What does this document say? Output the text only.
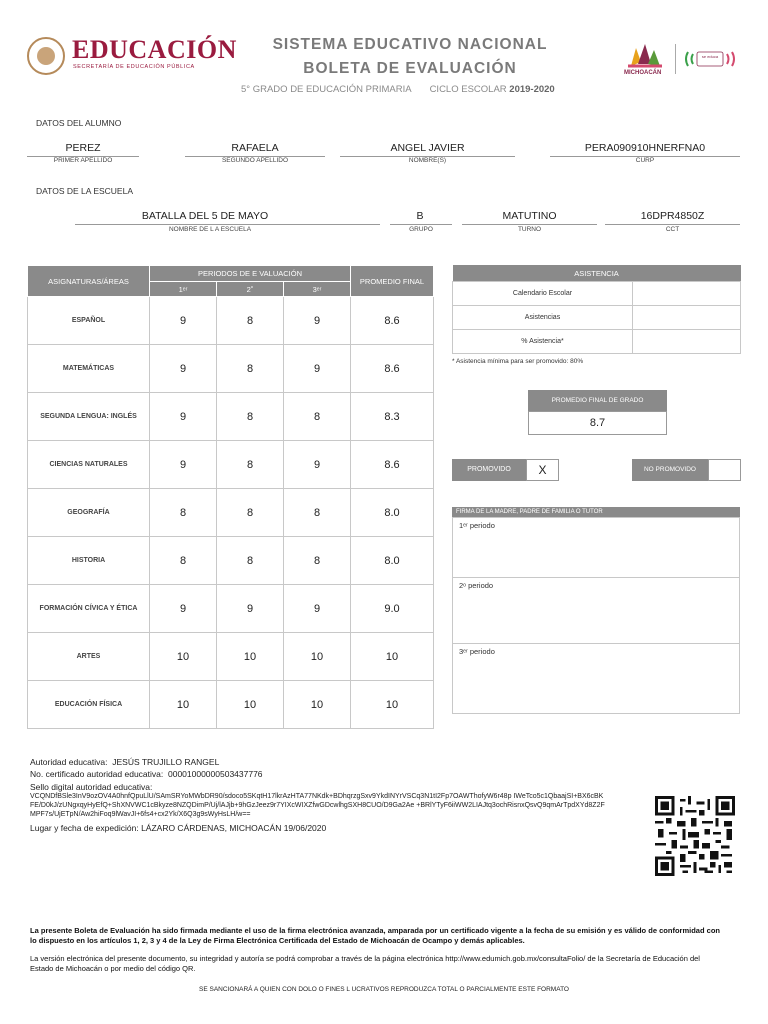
EDUCACIÓN
SECRETARÍA DE EDUCACIÓN PÚBLICA
SISTEMA EDUCATIVO NACIONAL
BOLETA DE EVALUACIÓN
5° GRADO DE EDUCACIÓN PRIMARIA CICLO ESCOLAR 2019-2020
MICHOACÁN
se educa
DATOS DEL ALUMNO
PEREZ
PRIMER APELLIDO
RAFAELA
SEGUNDO APELLIDO
ANGEL JAVIER
NOMBRE(S)
PERA090910HNERFNA0
CURP
DATOS DE LA ESCUELA
BATALLA DEL 5 DE MAYO
NOMBRE DE L A ESCUELA
B
GRUPO
MATUTINO
TURNO
16DPR4850Z
CCT
ASIGNATURAS/ÁREAS	PERIODOS DE E VALUACIÓN			PROMEDIO FINAL
	1ᵉʳ	2˚	3ᵉʳ	
ESPAÑOL	9	8	9	8.6
MATEMÁTICAS	9	8	9	8.6
SEGUNDA LENGUA: INGLÉS	9	8	8	8.3
CIENCIAS NATURALES	9	8	9	8.6
GEOGRAFÍA	8	8	8	8.0
HISTORIA	8	8	8	8.0
FORMACIÓN CÍVICA Y ÉTICA	9	9	9	9.0
ARTES	10	10	10	10
EDUCACIÓN FÍSICA	10	10	10	10
ASISTENCIA	
Calendario Escolar	
Asistencias	
% Asistencia*	
* Asistencia mínima para ser promovido: 80%
PROMEDIO FINAL DE GRADO
8.7
PROMOVIDO	X	NO PROMOVIDO
FIRMA DE LA MADRE, PADRE DE FAMILIA O TUTOR
1ᵉʳ periodo
2ᵒ periodo
3ᵉʳ periodo
Autoridad educativa: JESÚS TRUJILLO RANGEL
No. certificado autoridad educativa: 00001000000503437776
Sello digital autoridad educativa:
VCQNDfBSle3InV9ozOV4A0hnfQpuLlU/SAmSRYoMWbDR90/sdoco5SKqtH17lkrAzHTA77NKdk+BDhqrzgSxv9YkdINYrVSCq3N1tI2Fp7OAWThofyW6r48p IWeTco5c1QbaajSI+BX6cBKFE/D0kJ/zUNgxqyHyEfQ+ShXNVWC1cBkyze8NZQDimP/Uj/lAJjb+9hGzJeez9r7YIXcWIXZfwGDcwlhgSXH8CUO/D9Ga2Ae +BRlYTyF6iiWW2LIAJtq3ochRisnxQsvQ9qmArTpdXYd8Z2FMPF7s/UjETpN/Aw2hiFoq9lWavJI+6fs4+cx2Yk/X6Q3g9sWyHsLH/w==
Lugar y fecha de expedición: LÁZARO CÁRDENAS, MICHOACÁN 19/06/2020
La presente Boleta de Evaluación ha sido firmada mediante el uso de la firma electrónica avanzada, amparada por un certificado vigente a la fecha de su emisión y es válido de conformidad con lo dispuesto en los artículos 1, 2, 3 y 4 de la Ley de Firma Electrónica Certificada del Estado de Michoacán de Ocampo y demás aplicables.
La versión electrónica del presente documento, su integridad y autoría se podrá comprobar a través de la página electrónica http://www.edumich.gob.mx/consultaFolio/ de la Secretaría de Educación del Estado de Michoacán o por medio del código QR.
SE SANCIONARÁ A QUIEN CON DOLO O FINES L UCRATIVOS REPRODUZCA TOTAL O PARCIALMENTE ESTE FORMATO
